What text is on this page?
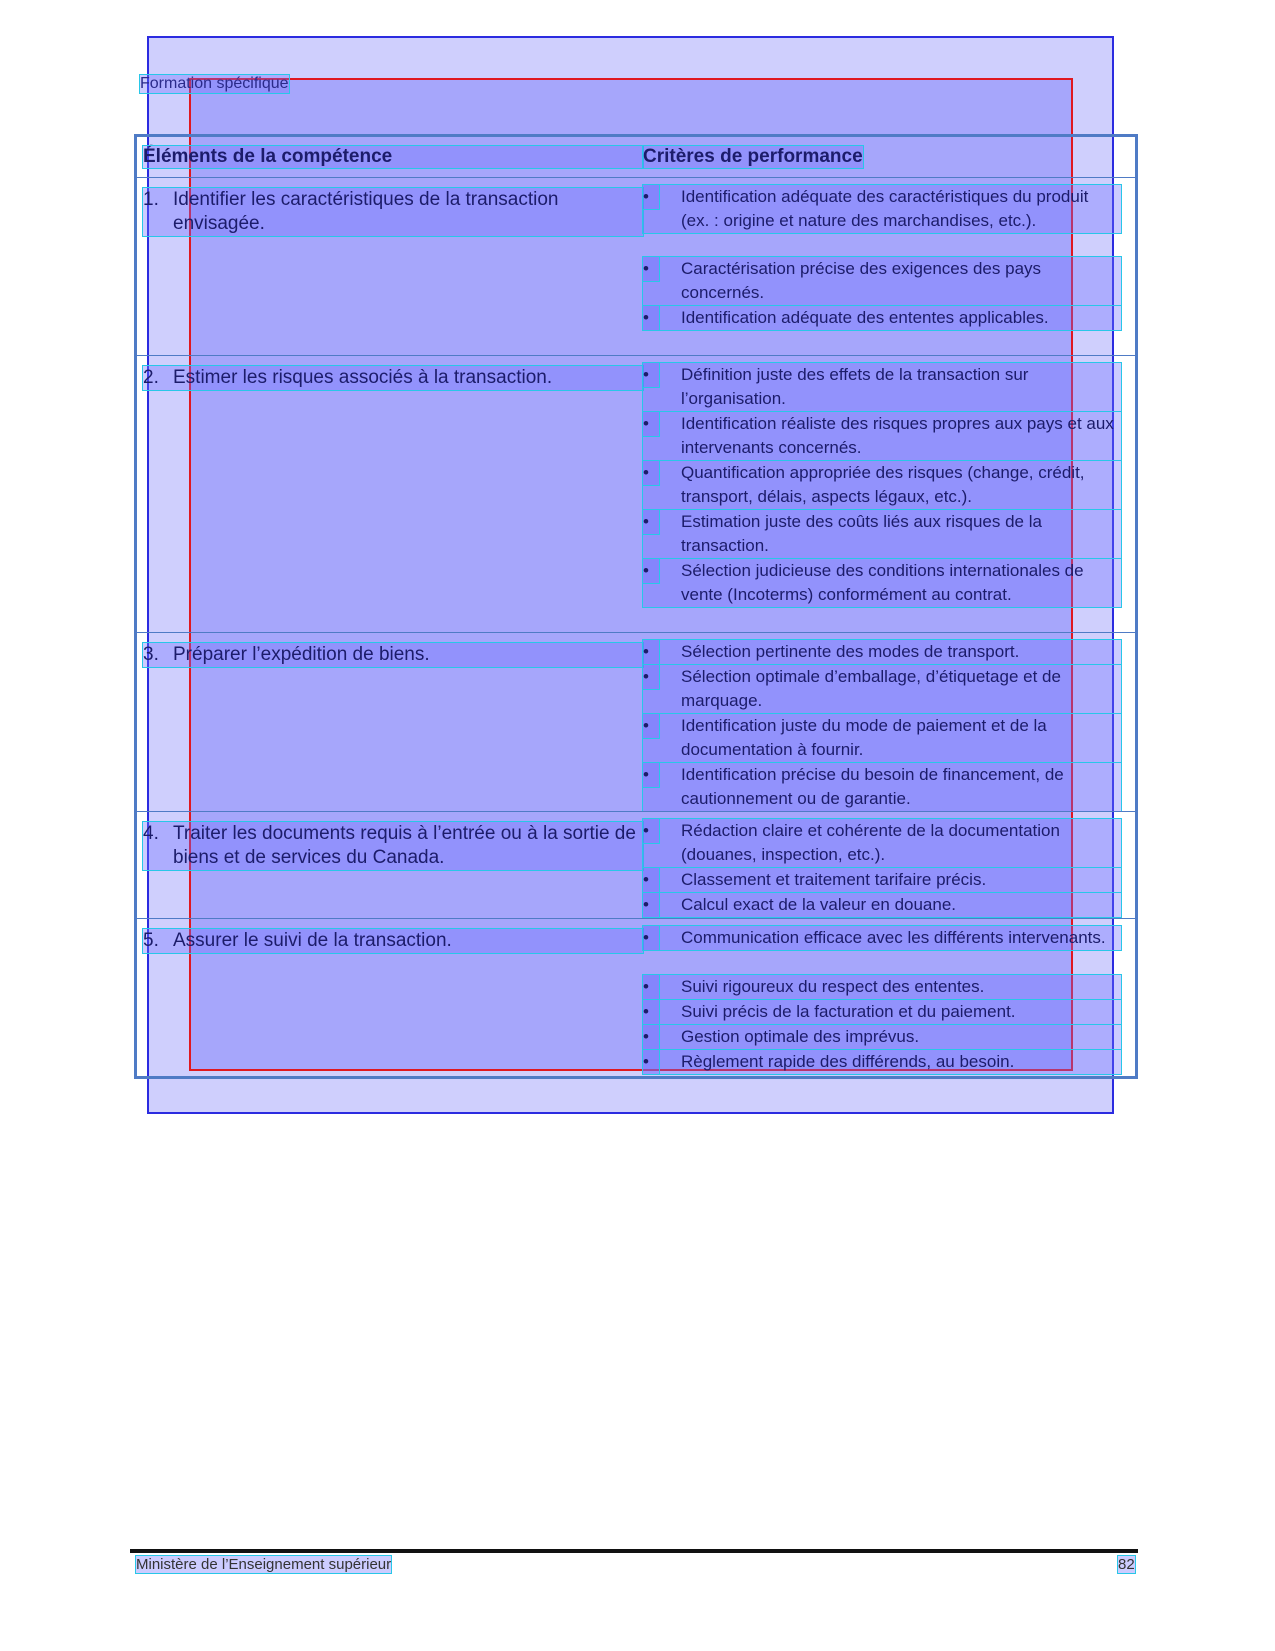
Formation spécifique
Éléments de la compétence	Critères de performance
1. Identifier les caractéristiques de la transaction envisagée.
•	Identification adéquate des caractéristiques du produit (ex. : origine et nature des marchandises, etc.).
•	Caractérisation précise des exigences des pays concernés.
•	Identification adéquate des ententes applicables.
2. Estimer les risques associés à la transaction.	•	Définition juste des effets de la transaction sur l’organisation.
•	Identification réaliste des risques propres aux pays et aux intervenants concernés.
•	Quantification appropriée des risques (change, crédit, transport, délais, aspects légaux, etc.).
•	Estimation juste des coûts liés aux risques de la transaction.
•	Sélection judicieuse des conditions internationales de vente (Incoterms) conformément au contrat.
3. Préparer l’expédition de biens.	•	Sélection pertinente des modes de transport.
•	Sélection optimale d’emballage, d’étiquetage et de marquage.
•	Identification juste du mode de paiement et de la documentation à fournir.
•	Identification précise du besoin de financement, de cautionnement ou de garantie.
4. Traiter les documents requis à l’entrée ou à la sortie de biens et de services du Canada.
•	Rédaction claire et cohérente de la documentation (douanes, inspection, etc.).
•	Classement et traitement tarifaire précis.
•	Calcul exact de la valeur en douane.
5. Assurer le suivi de la transaction.	•	Communication efficace avec les différents intervenants.
•	Suivi rigoureux du respect des ententes.
•	Suivi précis de la facturation et du paiement.
•	Gestion optimale des imprévus.
•	Règlement rapide des différends, au besoin.
Ministère de l’Enseignement supérieur	82
